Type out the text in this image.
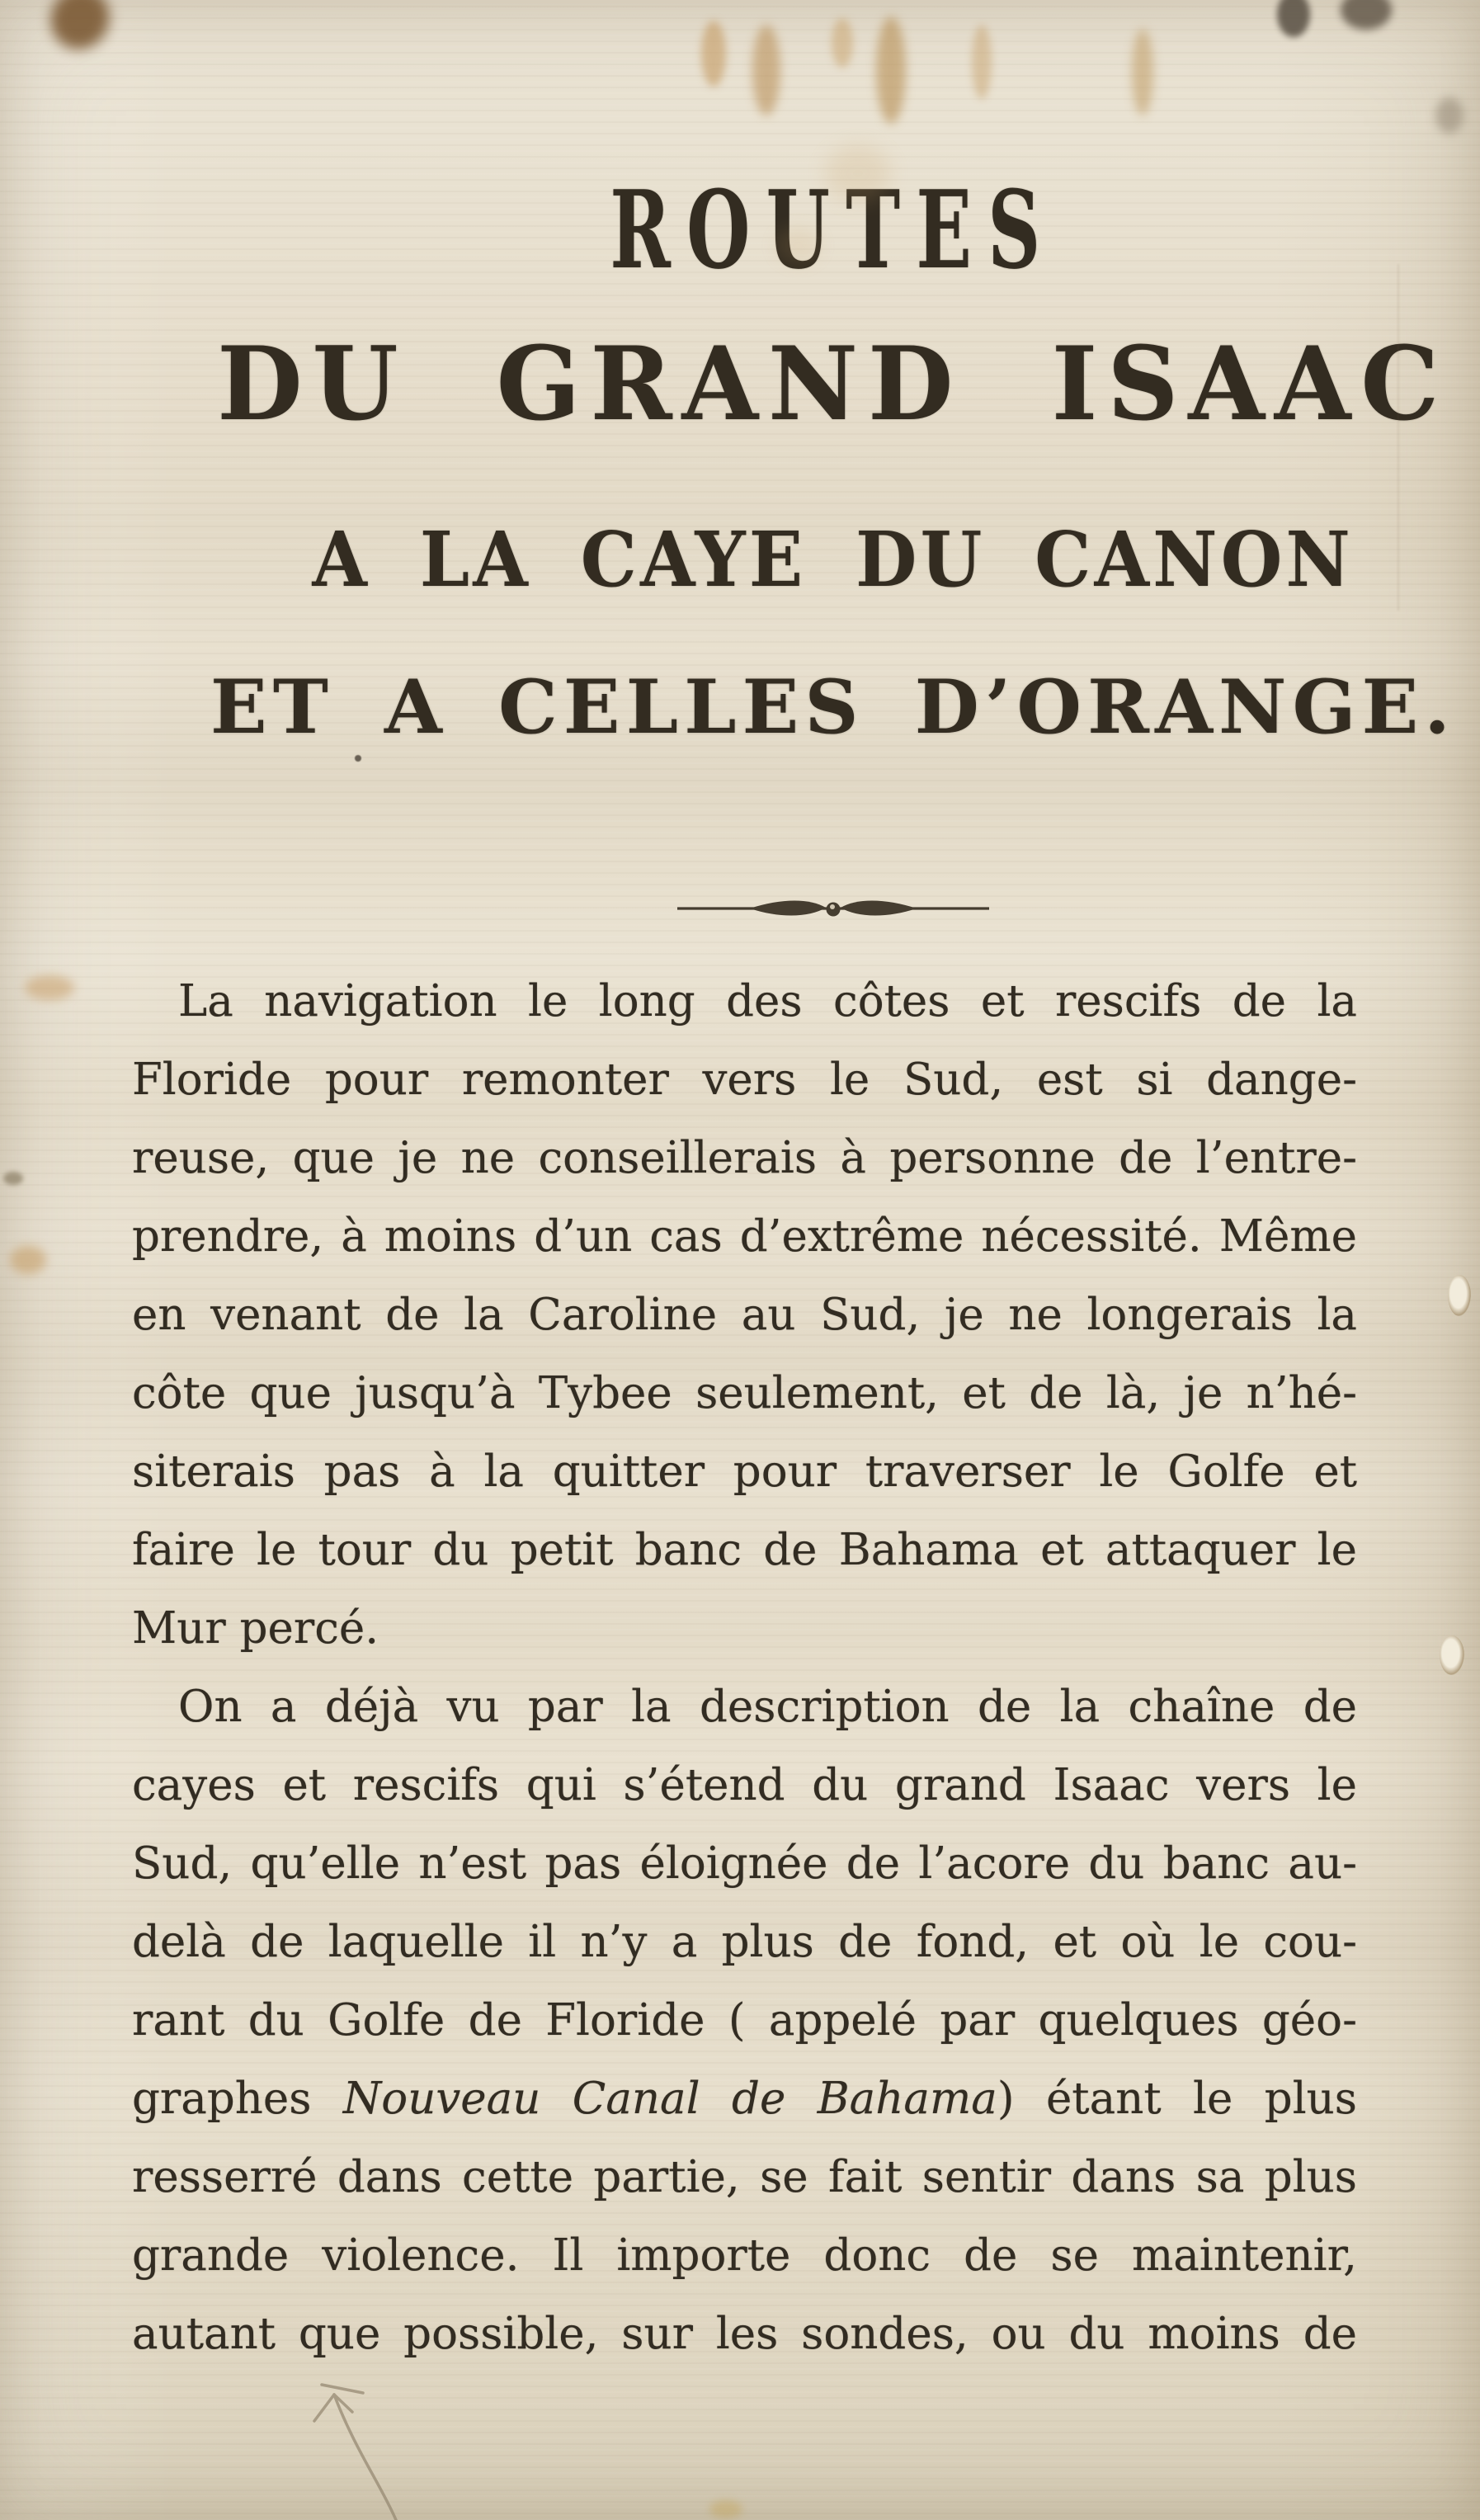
ROUTES
DU GRAND ISAAC
A LA CAYE DU CANON
ET A CELLES D’ORANGE.
La navigation le long des côtes et rescifs de la
Floride pour remonter vers le Sud, est si dange-
reuse, que je ne conseillerais à personne de l’entre-
prendre, à moins d’un cas d’extrême nécessité. Même
en venant de la Caroline au Sud, je ne longerais la
côte que jusqu’à Tybee seulement, et de là, je n’hé-
siterais pas à la quitter pour traverser le Golfe et
faire le tour du petit banc de Bahama et attaquer le
Mur percé.
On a déjà vu par la description de la chaîne de
cayes et rescifs qui s’étend du grand Isaac vers le
Sud, qu’elle n’est pas éloignée de l’acore du banc au-
delà de laquelle il n’y a plus de fond, et où le cou-
rant du Golfe de Floride ( appelé par quelques géo-
graphes Nouveau Canal de Bahama) étant le plus
resserré dans cette partie, se fait sentir dans sa plus
grande violence. Il importe donc de se maintenir,
autant que possible, sur les sondes, ou du moins de
